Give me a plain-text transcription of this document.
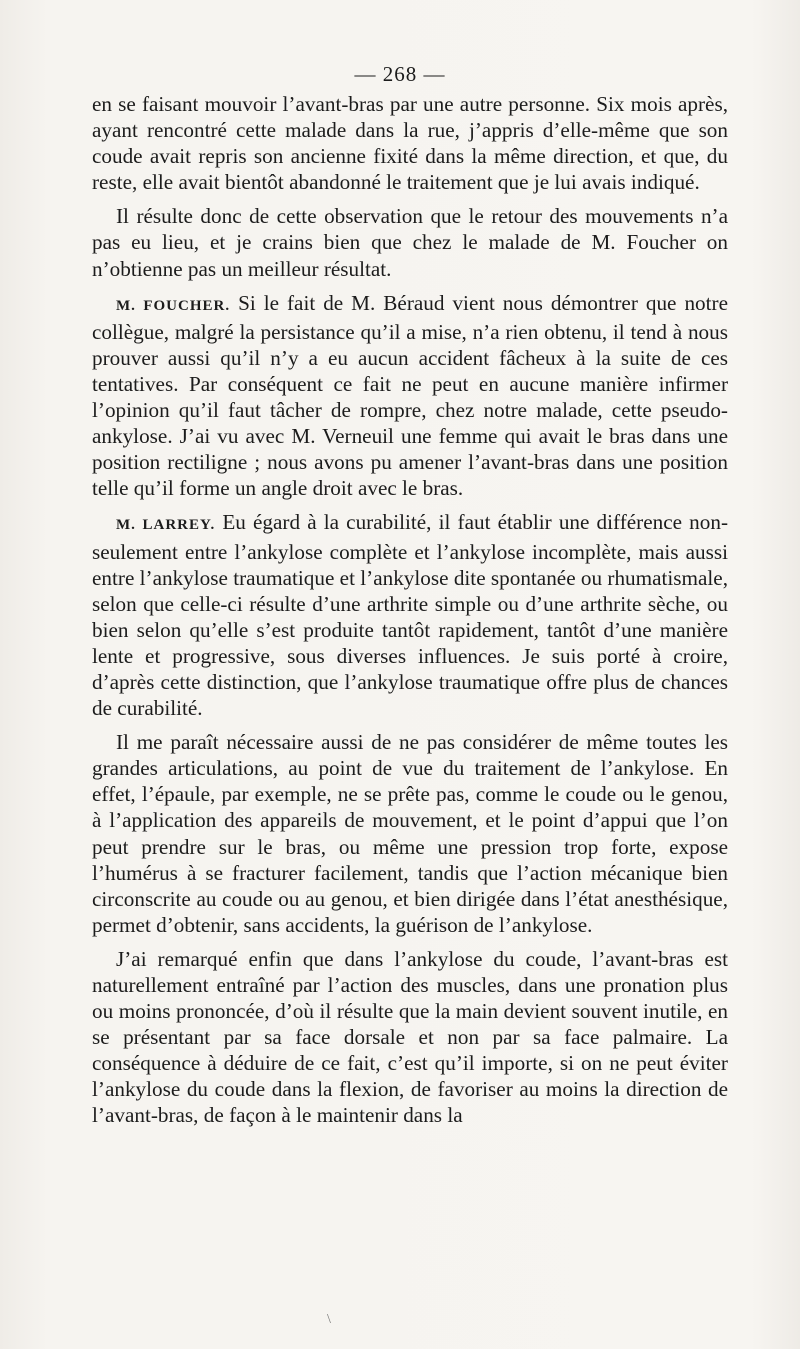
— 268 —

en se faisant mouvoir l’avant-bras par une autre personne. Six mois après, ayant rencontré cette malade dans la rue, j’appris d’elle-même que son coude avait repris son ancienne fixité dans la même direction, et que, du reste, elle avait bientôt abandonné le traitement que je lui avais indiqué.

Il résulte donc de cette observation que le retour des mouvements n’a pas eu lieu, et je crains bien que chez le malade de M. Foucher on n’obtienne pas un meilleur résultat.

M. FOUCHER. Si le fait de M. Béraud vient nous démontrer que notre collègue, malgré la persistance qu’il a mise, n’a rien obtenu, il tend à nous prouver aussi qu’il n’y a eu aucun accident fâcheux à la suite de ces tentatives. Par conséquent ce fait ne peut en aucune manière infirmer l’opinion qu’il faut tâcher de rompre, chez notre malade, cette pseudo-ankylose. J’ai vu avec M. Verneuil une femme qui avait le bras dans une position rectiligne ; nous avons pu amener l’avant-bras dans une position telle qu’il forme un angle droit avec le bras.

M. LARREY. Eu égard à la curabilité, il faut établir une différence non-seulement entre l’ankylose complète et l’ankylose incomplète, mais aussi entre l’ankylose traumatique et l’ankylose dite spontanée ou rhumatismale, selon que celle-ci résulte d’une arthrite simple ou d’une arthrite sèche, ou bien selon qu’elle s’est produite tantôt rapidement, tantôt d’une manière lente et progressive, sous diverses influences. Je suis porté à croire, d’après cette distinction, que l’ankylose traumatique offre plus de chances de curabilité.

Il me paraît nécessaire aussi de ne pas considérer de même toutes les grandes articulations, au point de vue du traitement de l’ankylose. En effet, l’épaule, par exemple, ne se prête pas, comme le coude ou le genou, à l’application des appareils de mouvement, et le point d’appui que l’on peut prendre sur le bras, ou même une pression trop forte, expose l’humérus à se fracturer facilement, tandis que l’action mécanique bien circonscrite au coude ou au genou, et bien dirigée dans l’état anesthésique, permet d’obtenir, sans accidents, la guérison de l’ankylose.

J’ai remarqué enfin que dans l’ankylose du coude, l’avant-bras est naturellement entraîné par l’action des muscles, dans une pronation plus ou moins prononcée, d’où il résulte que la main devient souvent inutile, en se présentant par sa face dorsale et non par sa face palmaire. La conséquence à déduire de ce fait, c’est qu’il importe, si on ne peut éviter l’ankylose du coude dans la flexion, de favoriser au moins la direction de l’avant-bras, de façon à le maintenir dans la

\
